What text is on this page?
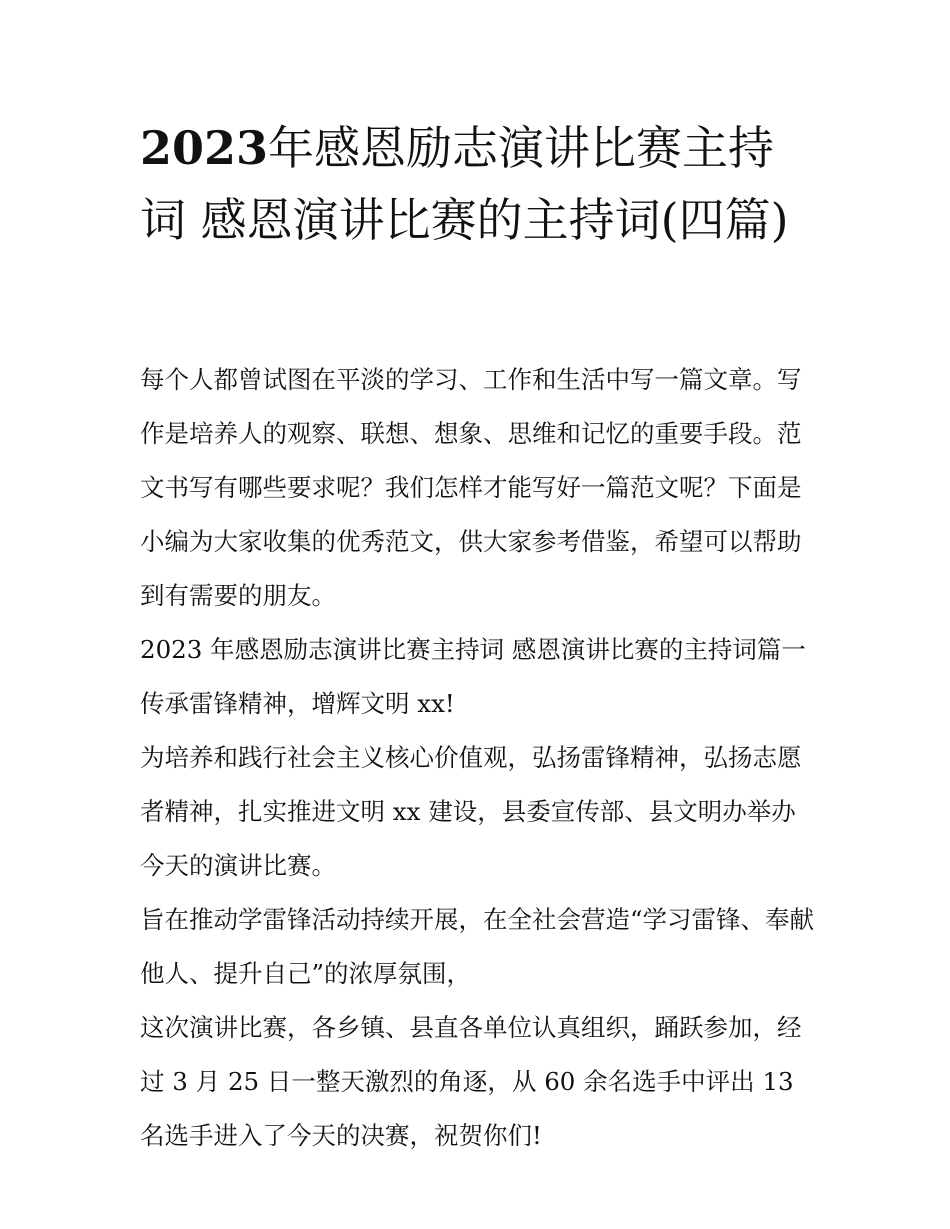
2023年感恩励志演讲比赛主持词 感恩演讲比赛的主持词(四篇)

每个人都曾试图在平淡的学习、工作和生活中写一篇文章。写作是培养人的观察、联想、想象、思维和记忆的重要手段。范文书写有哪些要求呢？我们怎样才能写好一篇范文呢？下面是小编为大家收集的优秀范文，供大家参考借鉴，希望可以帮助到有需要的朋友。

2023 年感恩励志演讲比赛主持词 感恩演讲比赛的主持词篇一

传承雷锋精神，增辉文明 xx!

为培养和践行社会主义核心价值观，弘扬雷锋精神，弘扬志愿者精神，扎实推进文明 xx 建设，县委宣传部、县文明办举办今天的演讲比赛。

旨在推动学雷锋活动持续开展，在全社会营造“学习雷锋、奉献他人、提升自己”的浓厚氛围，

这次演讲比赛，各乡镇、县直各单位认真组织，踊跃参加，经过 3 月 25 日一整天激烈的角逐，从 60 余名选手中评出 13 名选手进入了今天的决赛，祝贺你们!
